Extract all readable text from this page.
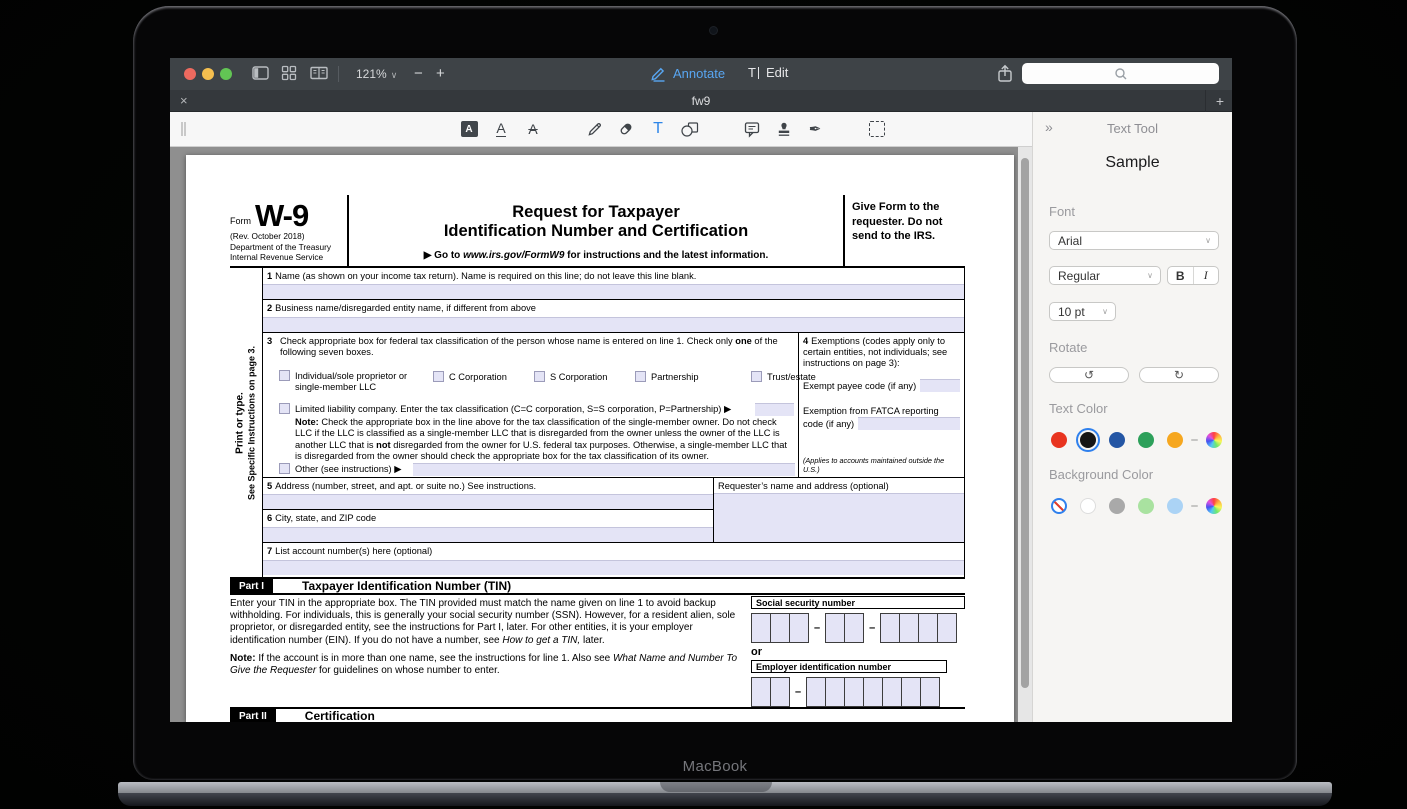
MacBook
121% ∨ − +	Annotate T Edit
×	fw9	+
A	A A	T	✒
Form W-9
(Rev. October 2018)
Department of the Treasury
Internal Revenue Service
Request for Taxpayer
Identification Number and Certification
▶ Go to www.irs.gov/FormW9 for instructions and the latest information.
Give Form to the requester. Do not send to the IRS.
Print or type. See Specific Instructions on page 3.
1 Name (as shown on your income tax return). Name is required on this line; do not leave this line blank.
2 Business name/disregarded entity name, if different from above
3 Check appropriate box for federal tax classification of the person whose name is entered on line 1. Check only one of the following seven boxes.
Individual/sole proprietor or single-member LLC
C Corporation	S Corporation	Partnership	Trust/estate
Limited liability company. Enter the tax classification (C=C corporation, S=S corporation, P=Partnership) ▶
Note: Check the appropriate box in the line above for the tax classification of the single-member owner. Do not check LLC if the LLC is classified as a single-member LLC that is disregarded from the owner unless the owner of the LLC is another LLC that is not disregarded from the owner for U.S. federal tax purposes. Otherwise, a single-member LLC that is disregarded from the owner should check the appropriate box for the tax classification of its owner.
Other (see instructions) ▶
4 Exemptions (codes apply only to certain entities, not individuals; see instructions on page 3):
Exempt payee code (if any)
Exemption from FATCA reporting
code (if any)
(Applies to accounts maintained outside the U.S.)
5 Address (number, street, and apt. or suite no.) See instructions.
6 City, state, and ZIP code
Requester’s name and address (optional)
7 List account number(s) here (optional)
Part I	Taxpayer Identification Number (TIN)
Enter your TIN in the appropriate box. The TIN provided must match the name given on line 1 to avoid backup withholding. For individuals, this is generally your social security number (SSN). However, for a resident alien, sole proprietor, or disregarded entity, see the instructions for Part I, later. For other entities, it is your employer identification number (EIN). If you do not have a number, see How to get a TIN, later.
Note: If the account is in more than one name, see the instructions for line 1. Also see What Name and Number To Give the Requester for guidelines on whose number to enter.
Social security number
–	–
or
Employer identification number
–
Part II	Certification
»	Text Tool
Sample
Font
Arial	∨
Regular	∨	B	I
10 pt ∨
Rotate
↺	↻
Text Color
Background Color
